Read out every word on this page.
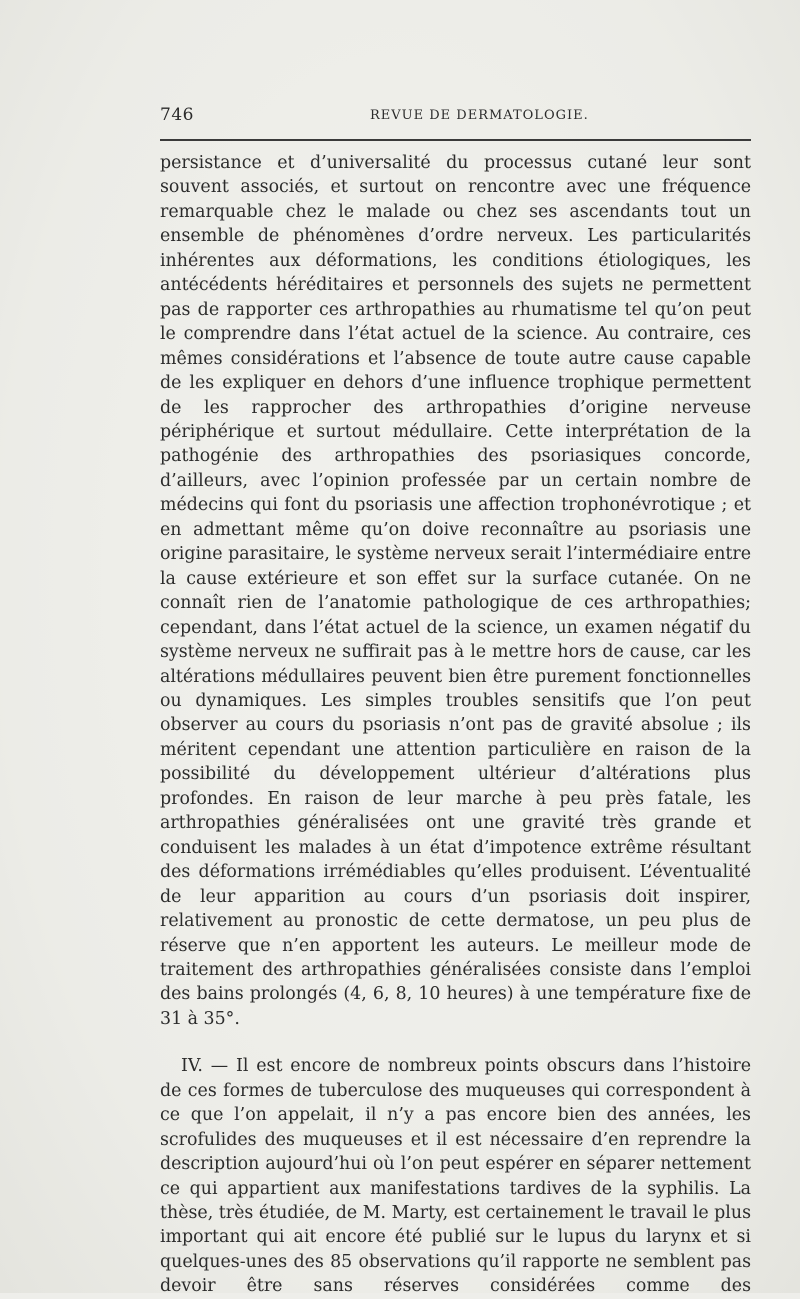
746	REVUE DE DERMATOLOGIE.

persistance et d’universalité du processus cutané leur sont souvent associés, et surtout on rencontre avec une fréquence remarquable chez le malade ou chez ses ascendants tout un ensemble de phénomènes d’ordre nerveux. Les particularités inhérentes aux déformations, les conditions étiologiques, les antécédents héréditaires et personnels des sujets ne permettent pas de rapporter ces arthropathies au rhumatisme tel qu’on peut le comprendre dans l’état actuel de la science. Au contraire, ces mêmes considérations et l’absence de toute autre cause capable de les expliquer en dehors d’une influence trophique permettent de les rapprocher des arthropathies d’origine nerveuse périphérique et surtout médullaire. Cette interprétation de la pathogénie des arthropathies des psoriasiques concorde, d’ailleurs, avec l’opinion professée par un certain nombre de médecins qui font du psoriasis une affection trophonévrotique ; et en admettant même qu’on doive reconnaître au psoriasis une origine parasitaire, le système nerveux serait l’intermédiaire entre la cause extérieure et son effet sur la surface cutanée. On ne connaît rien de l’anatomie pathologique de ces arthropathies; cependant, dans l’état actuel de la science, un examen négatif du système nerveux ne suffirait pas à le mettre hors de cause, car les altérations médullaires peuvent bien être purement fonctionnelles ou dynamiques. Les simples troubles sensitifs que l’on peut observer au cours du psoriasis n’ont pas de gravité absolue ; ils méritent cependant une attention particulière en raison de la possibilité du développement ultérieur d’altérations plus profondes. En raison de leur marche à peu près fatale, les arthropathies généralisées ont une gravité très grande et conduisent les malades à un état d’impotence extrême résultant des déformations irrémédiables qu’elles produisent. L’éventualité de leur apparition au cours d’un psoriasis doit inspirer, relativement au pronostic de cette dermatose, un peu plus de réserve que n’en apportent les auteurs. Le meilleur mode de traitement des arthropathies généralisées consiste dans l’emploi des bains prolongés (4, 6, 8, 10 heures) à une température fixe de 31 à 35°.

IV. — Il est encore de nombreux points obscurs dans l’histoire de ces formes de tuberculose des muqueuses qui correspondent à ce que l’on appelait, il n’y a pas encore bien des années, les scrofulides des muqueuses et il est nécessaire d’en reprendre la description aujourd’hui où l’on peut espérer en séparer nettement ce qui appartient aux manifestations tardives de la syphilis. La thèse, très étudiée, de M. Marty, est certainement le travail le plus important qui ait encore été publié sur le lupus du larynx et si quelques-unes des 85 observations qu’il rapporte ne semblent pas devoir être sans réserves considérées comme des
